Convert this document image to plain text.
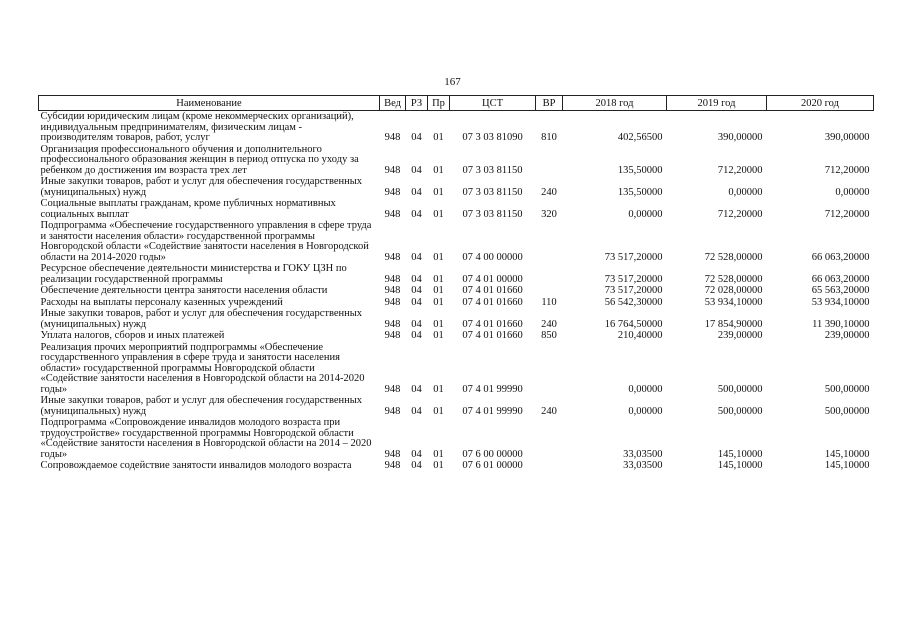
167
Наименование	Вед	РЗ	Пр	ЦСТ	ВР	2018 год	2019 год	2020 год
Субсидии юридическим лицам (кроме некоммерческих организаций), индивидуальным предпринимателям, физическим лицам - производителям товаров, работ, услуг	948	04	01	07 3 03 81090	810	402,56500	390,00000	390,00000
Организация профессионального обучения и дополнительного профессионального образования женщин в период отпуска по уходу за ребенком до достижения им возраста трех лет	948	04	01	07 3 03 81150		135,50000	712,20000	712,20000
Иные закупки товаров, работ и услуг для обеспечения государственных (муниципальных) нужд	948	04	01	07 3 03 81150	240	135,50000	0,00000	0,00000
Социальные выплаты гражданам, кроме публичных нормативных социальных выплат	948	04	01	07 3 03 81150	320	0,00000	712,20000	712,20000
Подпрограмма «Обеспечение государственного управления в сфере труда и занятости населения области» государственной программы Новгородской области «Содействие занятости населения в Новгородской области на 2014-2020 годы»	948	04	01	07 4 00 00000		73 517,20000	72 528,00000	66 063,20000
Ресурсное обеспечение деятельности министерства и ГОКУ ЦЗН по реализации государственной программы	948	04	01	07 4 01 00000		73 517,20000	72 528,00000	66 063,20000
Обеспечение деятельности центра занятости населения области	948	04	01	07 4 01 01660		73 517,20000	72 028,00000	65 563,20000
Расходы на выплаты персоналу казенных учреждений	948	04	01	07 4 01 01660	110	56 542,30000	53 934,10000	53 934,10000
Иные закупки товаров, работ и услуг для обеспечения государственных (муниципальных) нужд	948	04	01	07 4 01 01660	240	16 764,50000	17 854,90000	11 390,10000
Уплата налогов, сборов и иных платежей	948	04	01	07 4 01 01660	850	210,40000	239,00000	239,00000
Реализация прочих мероприятий подпрограммы «Обеспечение государственного управления в сфере труда и занятости населения области» государственной программы Новгородской области «Содействие занятости населения в Новгородской области на 2014-2020 годы»	948	04	01	07 4 01 99990		0,00000	500,00000	500,00000
Иные закупки товаров, работ и услуг для обеспечения государственных (муниципальных) нужд	948	04	01	07 4 01 99990	240	0,00000	500,00000	500,00000
Подпрограмма «Сопровождение инвалидов молодого возраста при трудоустройстве» государственной программы Новгородской области «Содействие занятости населения в Новгородской области на 2014 – 2020 годы»	948	04	01	07 6 00 00000		33,03500	145,10000	145,10000
Сопровождаемое содействие занятости инвалидов молодого возраста	948	04	01	07 6 01 00000		33,03500	145,10000	145,10000
